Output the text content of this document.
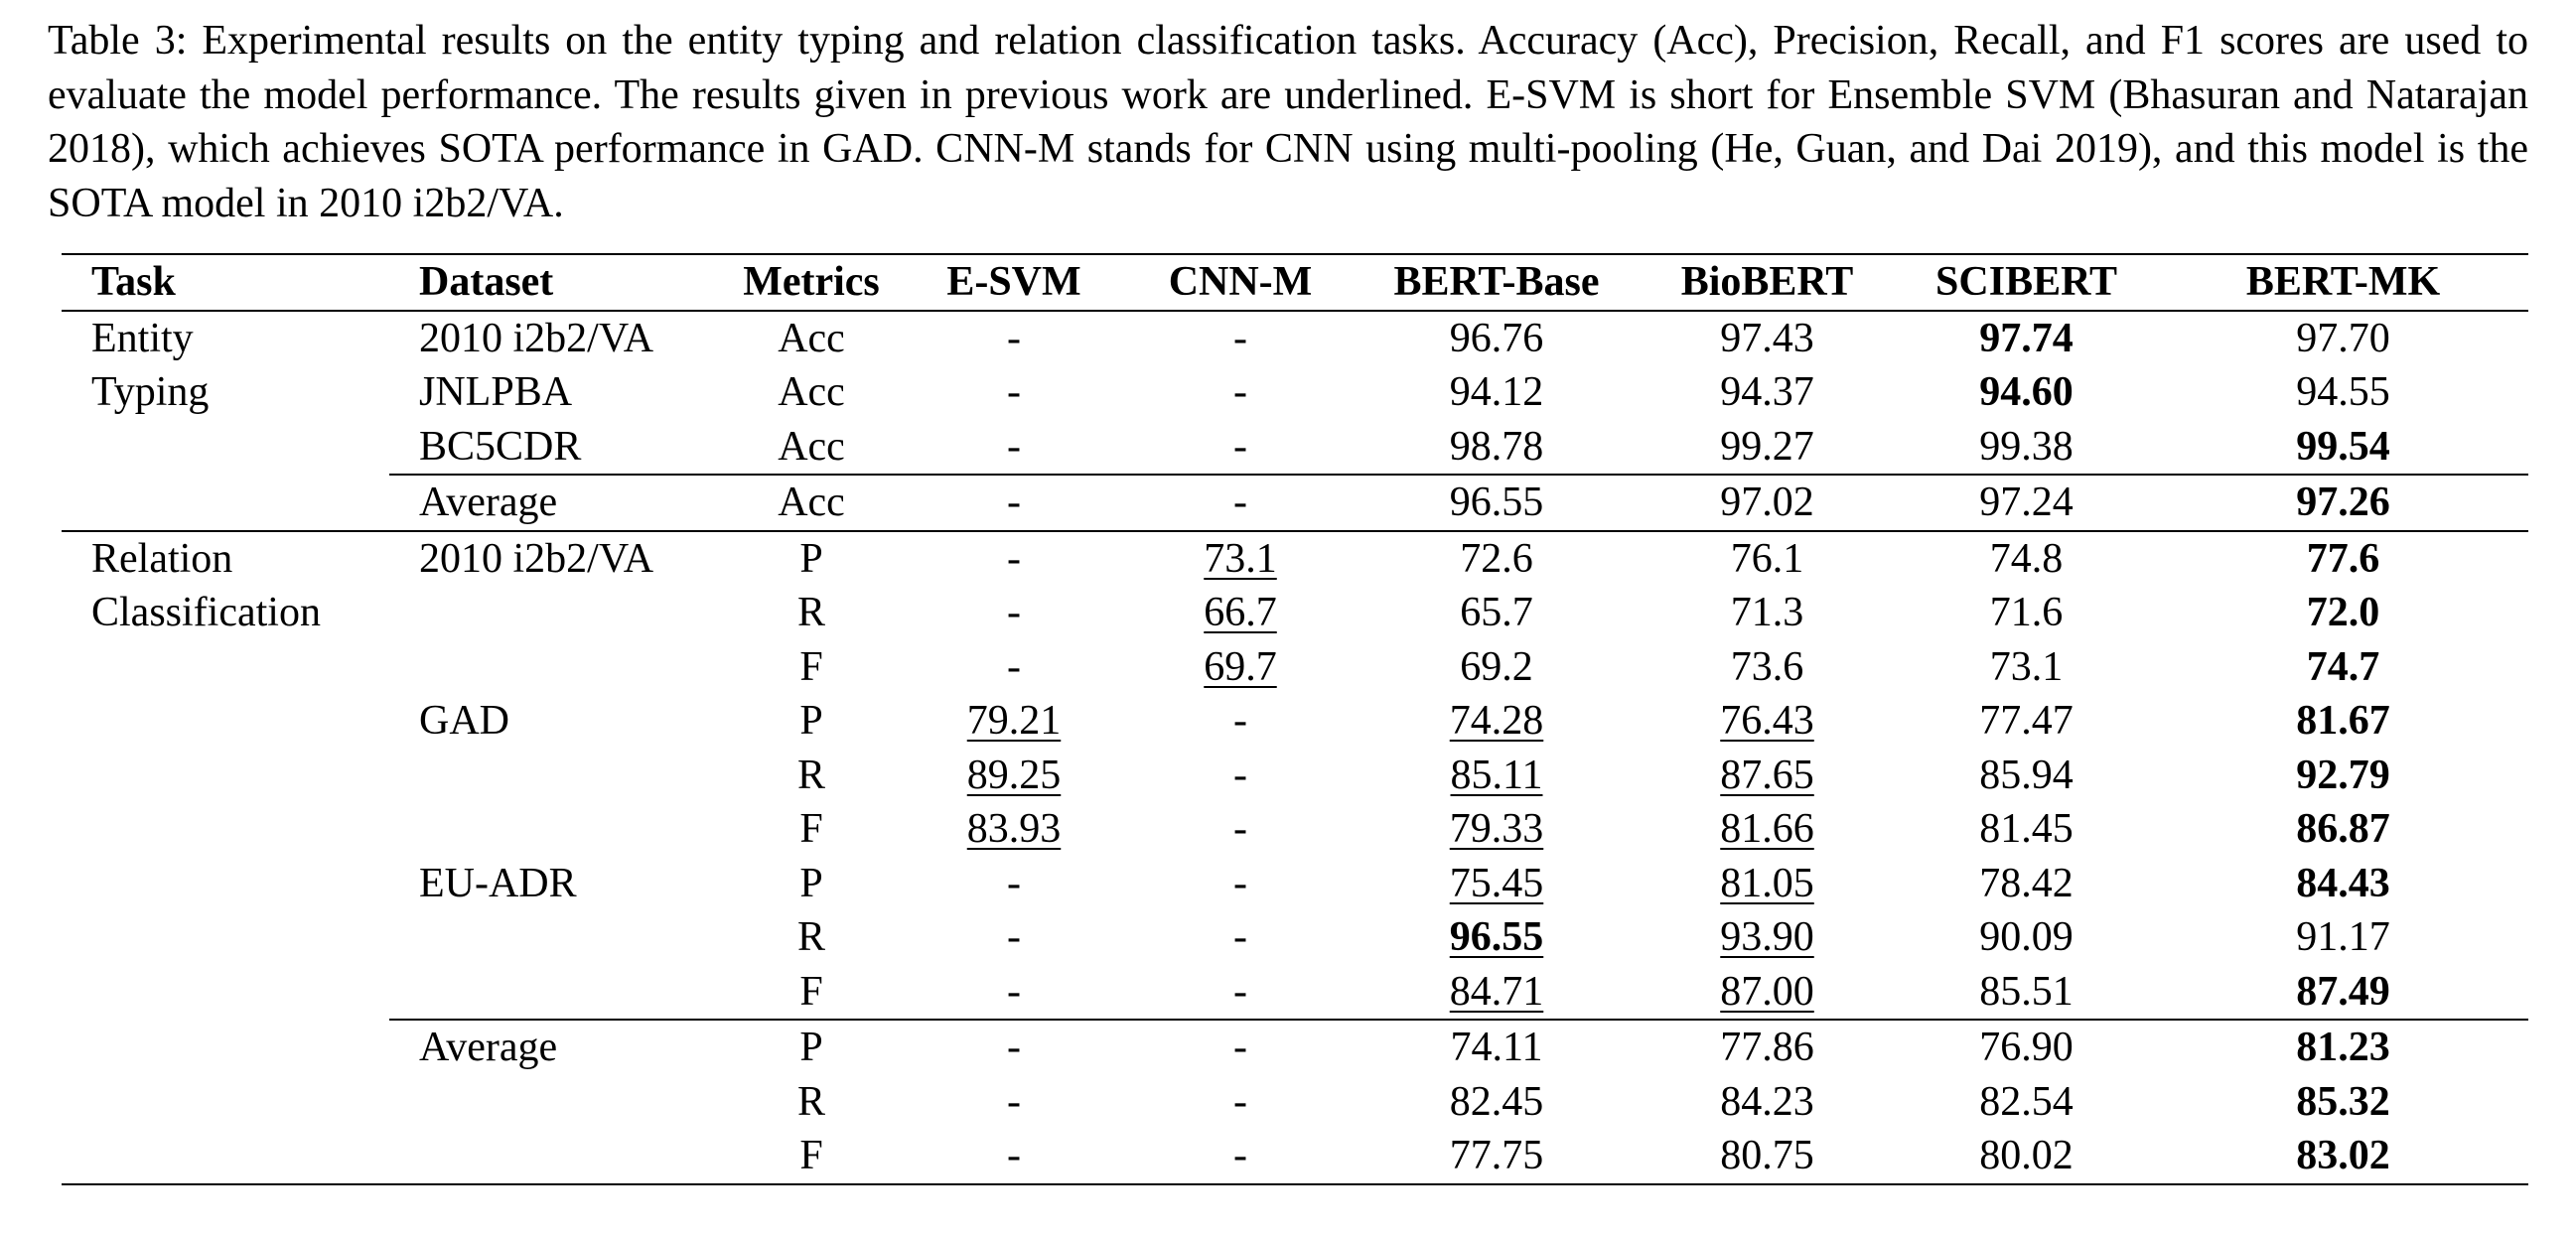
Table 3: Experimental results on the entity typing and relation classification tasks. Accuracy (Acc), Precision, Recall, and F1 scores are used to evaluate the model performance. The results given in previous work are underlined. E-SVM is short for Ensemble SVM (Bhasuran and Natarajan 2018), which achieves SOTA performance in GAD. CNN-M stands for CNN using multi-pooling (He, Guan, and Dai 2019), and this model is the SOTA model in 2010 i2b2/VA.
Task	Dataset	Metrics	E-SVM	CNN-M	BERT-Base	BioBERT	SCIBERT	BERT-MK
Entity	2010 i2b2/VA	Acc	-	-	96.76	97.43	97.74	97.70
Typing	JNLPBA	Acc	-	-	94.12	94.37	94.60	94.55
	BC5CDR	Acc	-	-	98.78	99.27	99.38	99.54
	Average	Acc	-	-	96.55	97.02	97.24	97.26
Relation	2010 i2b2/VA	P	-	73.1	72.6	76.1	74.8	77.6
Classification		R	-	66.7	65.7	71.3	71.6	72.0
		F	-	69.7	69.2	73.6	73.1	74.7
	GAD	P	79.21	-	74.28	76.43	77.47	81.67
		R	89.25	-	85.11	87.65	85.94	92.79
		F	83.93	-	79.33	81.66	81.45	86.87
	EU-ADR	P	-	-	75.45	81.05	78.42	84.43
		R	-	-	96.55	93.90	90.09	91.17
		F	-	-	84.71	87.00	85.51	87.49
	Average	P	-	-	74.11	77.86	76.90	81.23
		R	-	-	82.45	84.23	82.54	85.32
		F	-	-	77.75	80.75	80.02	83.02
